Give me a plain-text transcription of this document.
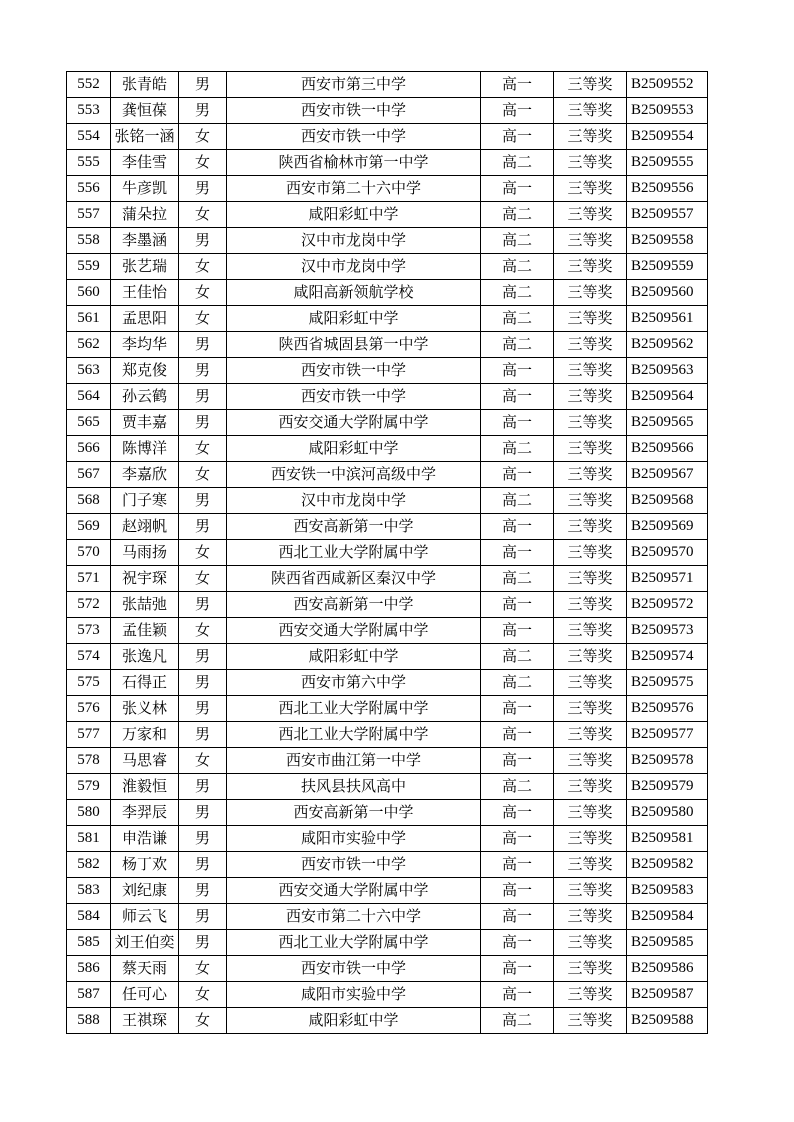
552	张青皓	男	西安市第三中学	高一	三等奖	B2509552
553	龚恒葆	男	西安市铁一中学	高一	三等奖	B2509553
554	张铭一涵	女	西安市铁一中学	高一	三等奖	B2509554
555	李佳雪	女	陕西省榆林市第一中学	高二	三等奖	B2509555
556	牛彦凯	男	西安市第二十六中学	高一	三等奖	B2509556
557	蒲朵拉	女	咸阳彩虹中学	高二	三等奖	B2509557
558	李墨涵	男	汉中市龙岗中学	高二	三等奖	B2509558
559	张艺瑞	女	汉中市龙岗中学	高二	三等奖	B2509559
560	王佳怡	女	咸阳高新领航学校	高二	三等奖	B2509560
561	孟思阳	女	咸阳彩虹中学	高二	三等奖	B2509561
562	李均华	男	陕西省城固县第一中学	高二	三等奖	B2509562
563	郑克俊	男	西安市铁一中学	高一	三等奖	B2509563
564	孙云鹤	男	西安市铁一中学	高一	三等奖	B2509564
565	贾丰嘉	男	西安交通大学附属中学	高一	三等奖	B2509565
566	陈博洋	女	咸阳彩虹中学	高二	三等奖	B2509566
567	李嘉欣	女	西安铁一中滨河高级中学	高一	三等奖	B2509567
568	门子寒	男	汉中市龙岗中学	高二	三等奖	B2509568
569	赵翊帆	男	西安高新第一中学	高一	三等奖	B2509569
570	马雨扬	女	西北工业大学附属中学	高一	三等奖	B2509570
571	祝宇琛	女	陕西省西咸新区秦汉中学	高二	三等奖	B2509571
572	张喆弛	男	西安高新第一中学	高一	三等奖	B2509572
573	孟佳颖	女	西安交通大学附属中学	高一	三等奖	B2509573
574	张逸凡	男	咸阳彩虹中学	高二	三等奖	B2509574
575	石得正	男	西安市第六中学	高二	三等奖	B2509575
576	张义林	男	西北工业大学附属中学	高一	三等奖	B2509576
577	万家和	男	西北工业大学附属中学	高一	三等奖	B2509577
578	马思睿	女	西安市曲江第一中学	高一	三等奖	B2509578
579	淮毅恒	男	扶风县扶风高中	高二	三等奖	B2509579
580	李羿辰	男	西安高新第一中学	高一	三等奖	B2509580
581	申浩谦	男	咸阳市实验中学	高一	三等奖	B2509581
582	杨丁欢	男	西安市铁一中学	高一	三等奖	B2509582
583	刘纪康	男	西安交通大学附属中学	高一	三等奖	B2509583
584	师云飞	男	西安市第二十六中学	高一	三等奖	B2509584
585	刘王伯奕	男	西北工业大学附属中学	高一	三等奖	B2509585
586	蔡天雨	女	西安市铁一中学	高一	三等奖	B2509586
587	任可心	女	咸阳市实验中学	高一	三等奖	B2509587
588	王祺琛	女	咸阳彩虹中学	高二	三等奖	B2509588
